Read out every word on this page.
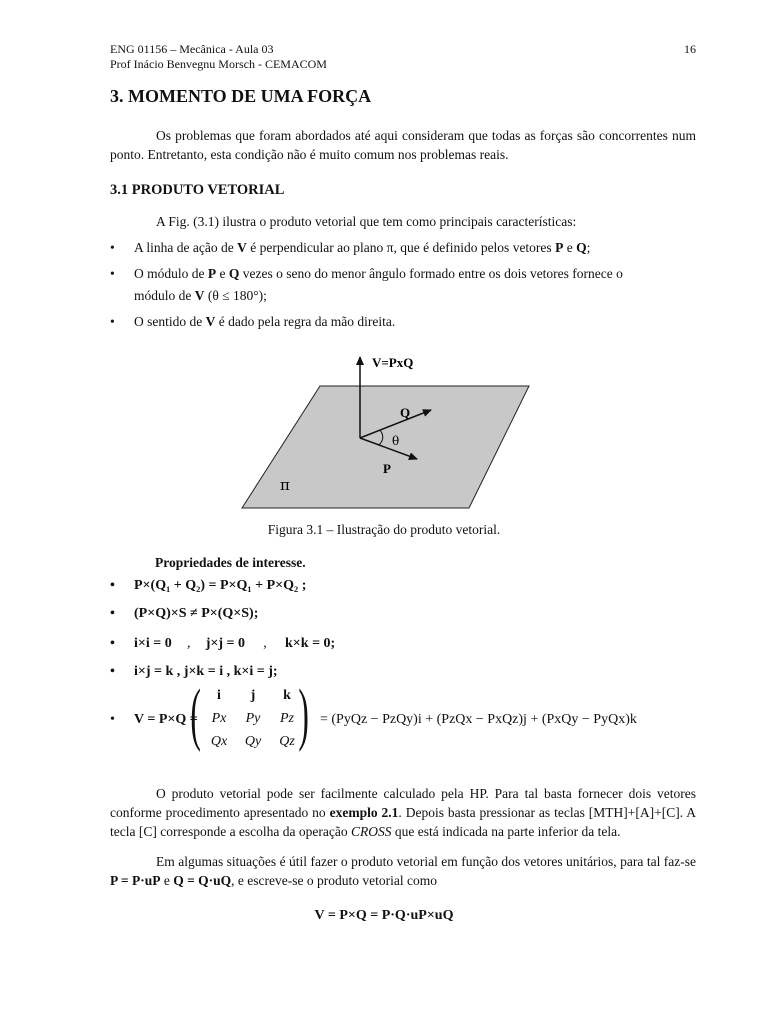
ENG 01156 – Mecânica - Aula 03
Prof Inácio Benvegnu Morsch - CEMACOM
16
3. MOMENTO DE UMA FORÇA
Os problemas que foram abordados até aqui consideram que todas as forças são concorrentes num ponto. Entretanto, esta condição não é muito comum nos problemas reais.
3.1 PRODUTO VETORIAL
A Fig. (3.1) ilustra o produto vetorial que tem como principais características:
• A linha de ação de V é perpendicular ao plano π, que é definido pelos vetores P e Q;
• O módulo de P e Q vezes o seno do menor ângulo formado entre os dois vetores fornece o
módulo de V (θ ≤ 180°);
• O sentido de V é dado pela regra da mão direita.
V=PxQ
Q
θ
P
π
Figura 3.1 – Ilustração do produto vetorial.
Propriedades de interesse.
• P×(Q₁ + Q₂) = P×Q₁ + P×Q₂ ;
• (P×Q)×S ≠ P×(Q×S);
• i×i = 0 , j×j = 0 , k×k = 0;
• i×j = k , j×k = i , k×i = j;
• V = P×Q =	= (PyQz − PzQy)i + (PzQx − PxQz)j + (PxQy − PyQx)k
( )
i	j	k
Px	Py	Pz
Qx	Qy	Qz
O produto vetorial pode ser facilmente calculado pela HP. Para tal basta fornecer dois vetores conforme procedimento apresentado no exemplo 2.1. Depois basta pressionar as teclas [MTH]+[A]+[C]. A tecla [C] corresponde a escolha da operação CROSS que está indicada na parte inferior da tela.
Em algumas situações é útil fazer o produto vetorial em função dos vetores unitários, para tal faz-se P = P·uP e Q = Q·uQ, e escreve-se o produto vetorial como
V = P×Q = P·Q·uP×uQ
